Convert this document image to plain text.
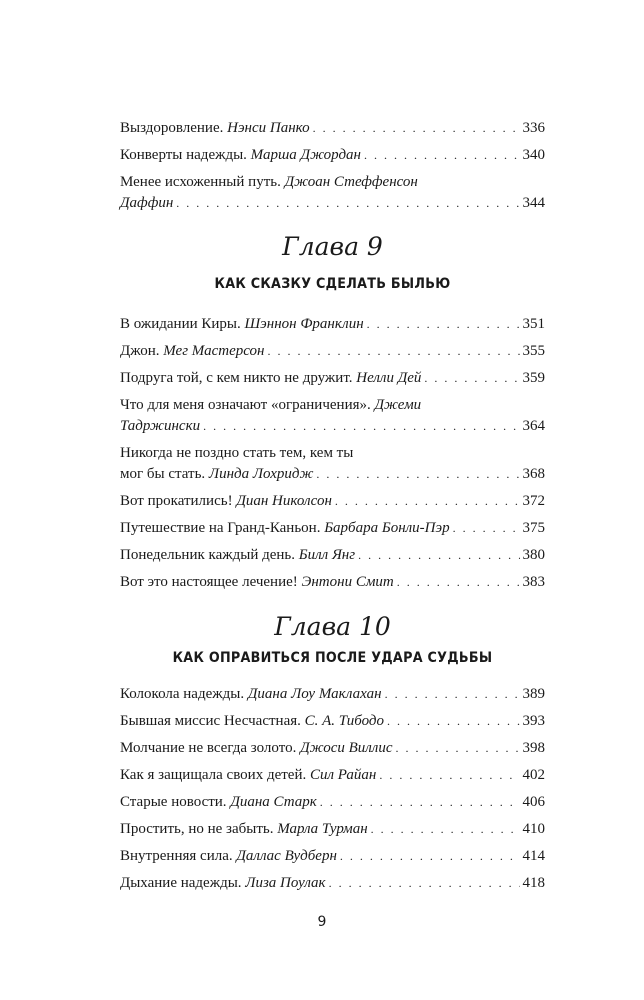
Выздоровление. Нэнси Панко . . .	336
Конверты надежды. Марша Джордан . . .	340
Менее исхоженный путь. Джоан Стеффенсон
Даффин . . .	344
Глава 9
КАК СКАЗКУ СДЕЛАТЬ БЫЛЬЮ
В ожидании Киры. Шэннон Франклин . . .	351
Джон. Мег Мастерсон . . .	355
Подруга той, с кем никто не дружит. Нелли Дей . . .	359
Что для меня означают «ограничения». Джеми
Тадржински . . .	364
Никогда не поздно стать тем, кем ты
мог бы стать. Линда Лохридж . . .	368
Вот прокатились! Диан Николсон . . .	372
Путешествие на Гранд-Каньон. Барбара Бонли-Пэр . . .	375
Понедельник каждый день. Билл Янг . . .	380
Вот это настоящее лечение! Энтони Смит . . .	383
Глава 10
КАК ОПРАВИТЬСЯ ПОСЛЕ УДАРА СУДЬБЫ
Колокола надежды. Диана Лоу Маклахан . . .	389
Бывшая миссис Несчастная. С. А. Тибодо . . .	393
Молчание не всегда золото. Джоси Виллис . . .	398
Как я защищала своих детей. Сил Райан . . .	402
Старые новости. Диана Старк . . .	406
Простить, но не забыть. Марла Турман . . .	410
Внутренняя сила. Даллас Вудберн . . .	414
Дыхание надежды. Лиза Поулак . . .	418
9
